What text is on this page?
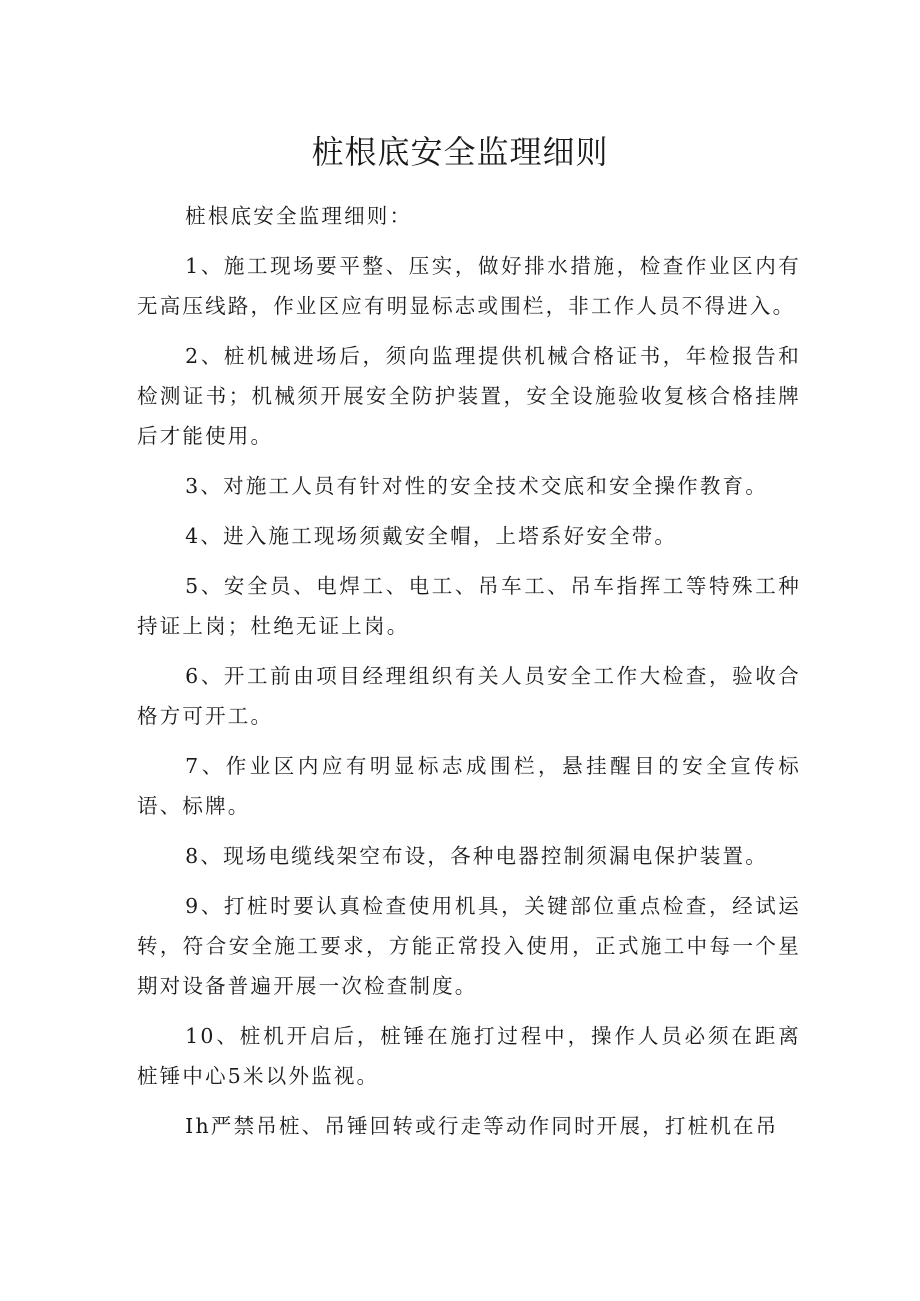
桩根底安全监理细则

桩根底安全监理细则：

1、施工现场要平整、压实，做好排水措施，检查作业区内有无高压线路，作业区应有明显标志或围栏，非工作人员不得进入。

2、桩机械进场后，须向监理提供机械合格证书，年检报告和检测证书；机械须开展安全防护装置，安全设施验收复核合格挂牌后才能使用。

3、对施工人员有针对性的安全技术交底和安全操作教育。

4、进入施工现场须戴安全帽，上塔系好安全带。

5、安全员、电焊工、电工、吊车工、吊车指挥工等特殊工种持证上岗；杜绝无证上岗。

6、开工前由项目经理组织有关人员安全工作大检查，验收合格方可开工。

7、作业区内应有明显标志成围栏，悬挂醒目的安全宣传标语、标牌。

8、现场电缆线架空布设，各种电器控制须漏电保护装置。

9、打桩时要认真检查使用机具，关键部位重点检查，经试运转，符合安全施工要求，方能正常投入使用，正式施工中每一个星期对设备普遍开展一次检查制度。

10、桩机开启后，桩锤在施打过程中，操作人员必须在距离桩锤中心5米以外监视。

Ih严禁吊桩、吊锤回转或行走等动作同时开展，打桩机在吊
